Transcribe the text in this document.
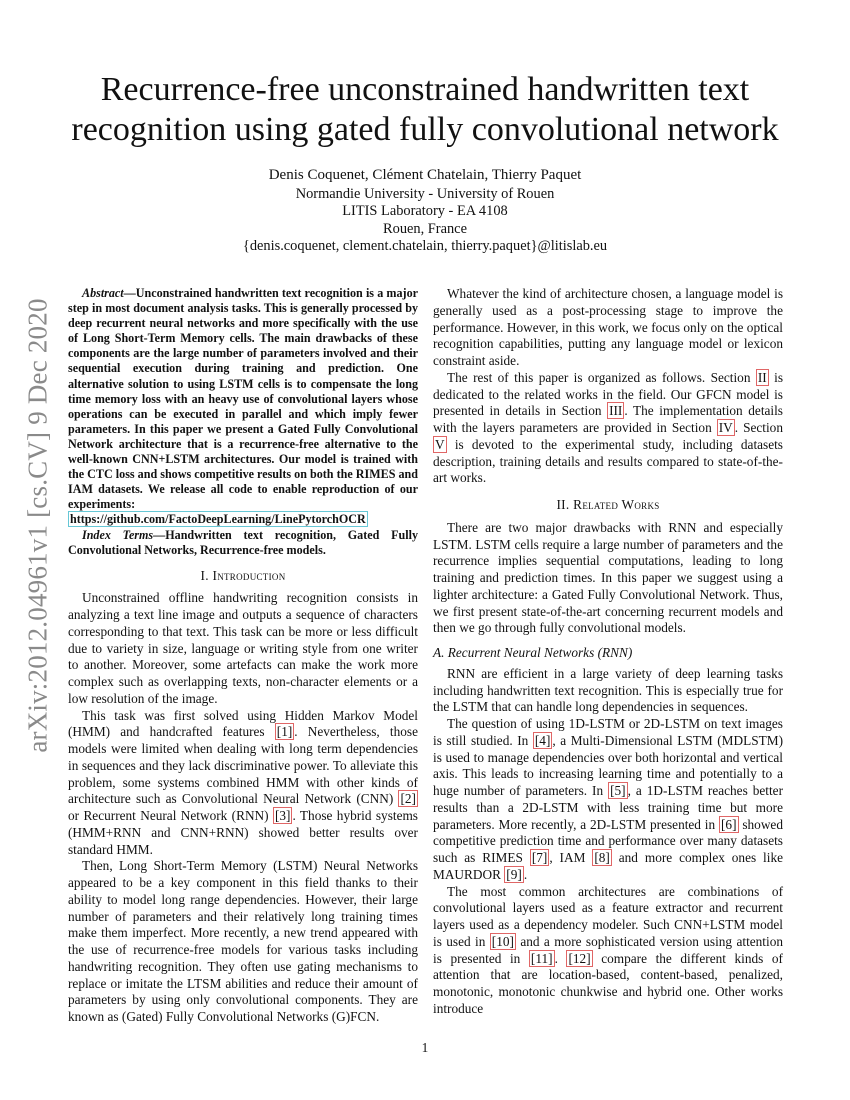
arXiv:2012.04961v1 [cs.CV] 9 Dec 2020
Recurrence-free unconstrained handwritten text
recognition using gated fully convolutional network
Denis Coquenet, Clément Chatelain, Thierry Paquet
Normandie University - University of Rouen
LITIS Laboratory - EA 4108
Rouen, France
{denis.coquenet, clement.chatelain, thierry.paquet}@litislab.eu

Abstract—Unconstrained handwritten text recognition is a major step in most document analysis tasks. This is generally processed by deep recurrent neural networks and more specifically with the use of Long Short-Term Memory cells. The main drawbacks of these components are the large number of parameters involved and their sequential execution during training and prediction. One alternative solution to using LSTM cells is to compensate the long time memory loss with an heavy use of convolutional layers whose operations can be executed in parallel and which imply fewer parameters. In this paper we present a Gated Fully Convolutional Network architecture that is a recurrence-free alternative to the well-known CNN+LSTM architectures. Our model is trained with the CTC loss and shows competitive results on both the RIMES and IAM datasets. We release all code to enable reproduction of our experiments: https://github.com/FactoDeepLearning/LinePytorchOCR

Index Terms—Handwritten text recognition, Gated Fully Convolutional Networks, Recurrence-free models.

I. Introduction

Unconstrained offline handwriting recognition consists in analyzing a text line image and outputs a sequence of characters corresponding to that text. This task can be more or less difficult due to variety in size, language or writing style from one writer to another. Moreover, some artefacts can make the work more complex such as overlapping texts, non-character elements or a low resolution of the image.

This task was first solved using Hidden Markov Model (HMM) and handcrafted features [1] . Nevertheless, those models were limited when dealing with long term dependencies in sequences and they lack discriminative power. To alleviate this problem, some systems combined HMM with other kinds of architecture such as Convolutional Neural Network (CNN) [2] or Recurrent Neural Network (RNN) [3] . Those hybrid systems (HMM+RNN and CNN+RNN) showed better results over standard HMM.

Then, Long Short-Term Memory (LSTM) Neural Networks appeared to be a key component in this field thanks to their ability to model long range dependencies. However, their large number of parameters and their relatively long training times make them imperfect. More recently, a new trend appeared with the use of recurrence-free models for various tasks including handwriting recognition. They often use gating mechanisms to replace or imitate the LTSM abilities and reduce their amount of parameters by using only convolutional components. They are known as (Gated) Fully Convolutional Networks (G)FCN.

Whatever the kind of architecture chosen, a language model is generally used as a post-processing stage to improve the performance. However, in this work, we focus only on the optical recognition capabilities, putting any language model or lexicon constraint aside.

The rest of this paper is organized as follows. Section II is dedicated to the related works in the field. Our GFCN model is presented in details in Section III . The implementation details with the layers parameters are provided in Section IV . Section V is devoted to the experimental study, including datasets description, training details and results compared to state-of-the-art works.

II. Related Works

There are two major drawbacks with RNN and especially LSTM. LSTM cells require a large number of parameters and the recurrence implies sequential computations, leading to long training and prediction times. In this paper we suggest using a lighter architecture: a Gated Fully Convolutional Network. Thus, we first present state-of-the-art concerning recurrent models and then we go through fully convolutional models.

A. Recurrent Neural Networks (RNN)

RNN are efficient in a large variety of deep learning tasks including handwritten text recognition. This is especially true for the LSTM that can handle long dependencies in sequences.

The question of using 1D-LSTM or 2D-LSTM on text images is still studied. In [4] , a Multi-Dimensional LSTM (MDLSTM) is used to manage dependencies over both horizontal and vertical axis. This leads to increasing learning time and potentially to a huge number of parameters. In [5] , a 1D-LSTM reaches better results than a 2D-LSTM with less training time but more parameters. More recently, a 2D-LSTM presented in [6] showed competitive prediction time and performance over many datasets such as RIMES [7] , IAM [8] and more complex ones like MAURDOR [9] .

The most common architectures are combinations of convolutional layers used as a feature extractor and recurrent layers used as a dependency modeler. Such CNN+LSTM model is used in [10] and a more sophisticated version using attention is presented in [11] . [12] compare the different kinds of attention that are location-based, content-based, penalized, monotonic, monotonic chunkwise and hybrid one. Other works introduce

1
